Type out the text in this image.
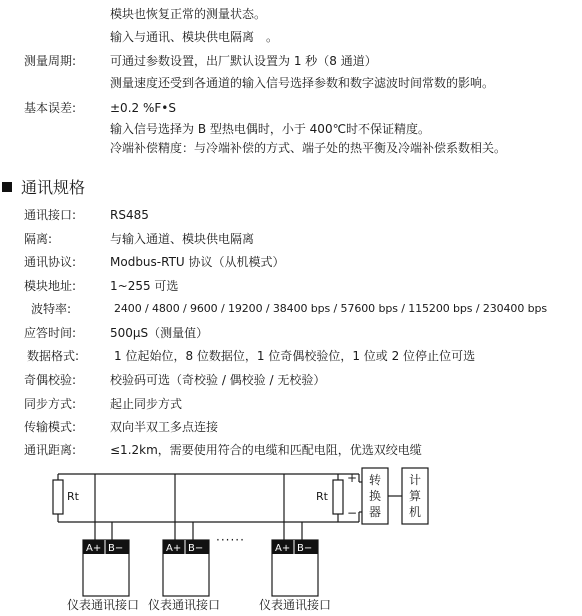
模块也恢复正常的测量状态。
输入与通讯、模块供电隔离　。
测量周期:	可通过参数设置，出厂默认设置为 1 秒（8 通道）
测量速度还受到各通道的输入信号选择参数和数字滤波时间常数的影响。
基本误差:	±0.2 %F•S
输入信号选择为 B 型热电偶时，小于 400℃时不保证精度。
冷端补偿精度：与冷端补偿的方式、端子处的热平衡及冷端补偿系数相关。
通讯规格
通讯接口:	RS485
隔离:	与输入通道、模块供电隔离
通讯协议:	Modbus-RTU 协议（从机模式）
模块地址:	1~255 可选
波特率:	2400 / 4800 / 9600 / 19200 / 38400 bps / 57600 bps / 115200 bps / 230400 bps
应答时间:	500μS（测量值）
数据格式:	1 位起始位，8 位数据位，1 位奇偶校验位，1 位或 2 位停止位可选
奇偶校验:	校验码可选（奇校验 / 偶校验 / 无校验）
同步方式:	起止同步方式
传输模式:	双向半双工多点连接
通讯距离:	≤1.2km，需要使用符合的电缆和匹配电阻，优选双绞电缆
Rt	Rt
+
−
转
换
器
计
算
机
A+ B−	A+ B−
······
A+ B−
仪表通讯接口 仪表通讯接口	仪表通讯接口
